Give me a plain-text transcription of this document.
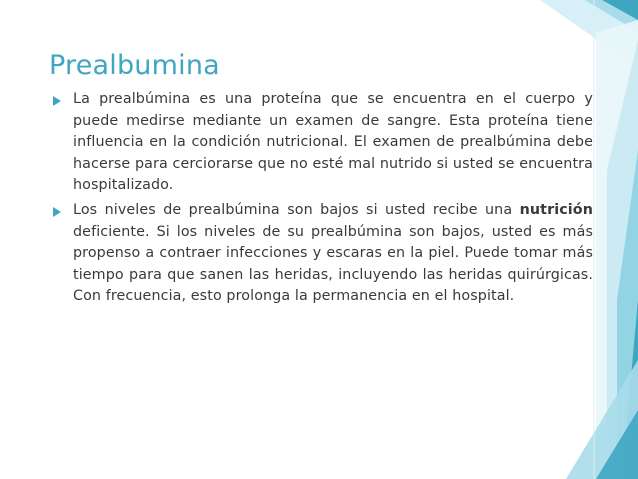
Prealbumina
La prealbúmina es una proteína que se encuentra en el cuerpo y puede medirse mediante un examen de sangre. Esta proteína tiene influencia en la condición nutricional. El examen de prealbúmina debe hacerse para cerciorarse que no esté mal nutrido si usted se encuentra hospitalizado.
Los niveles de prealbúmina son bajos si usted recibe una nutrición deficiente. Si los niveles de su prealbúmina son bajos, usted es más propenso a contraer infecciones y escaras en la piel. Puede tomar más tiempo para que sanen las heridas, incluyendo las heridas quirúrgicas. Con frecuencia, esto prolonga la permanencia en el hospital.
